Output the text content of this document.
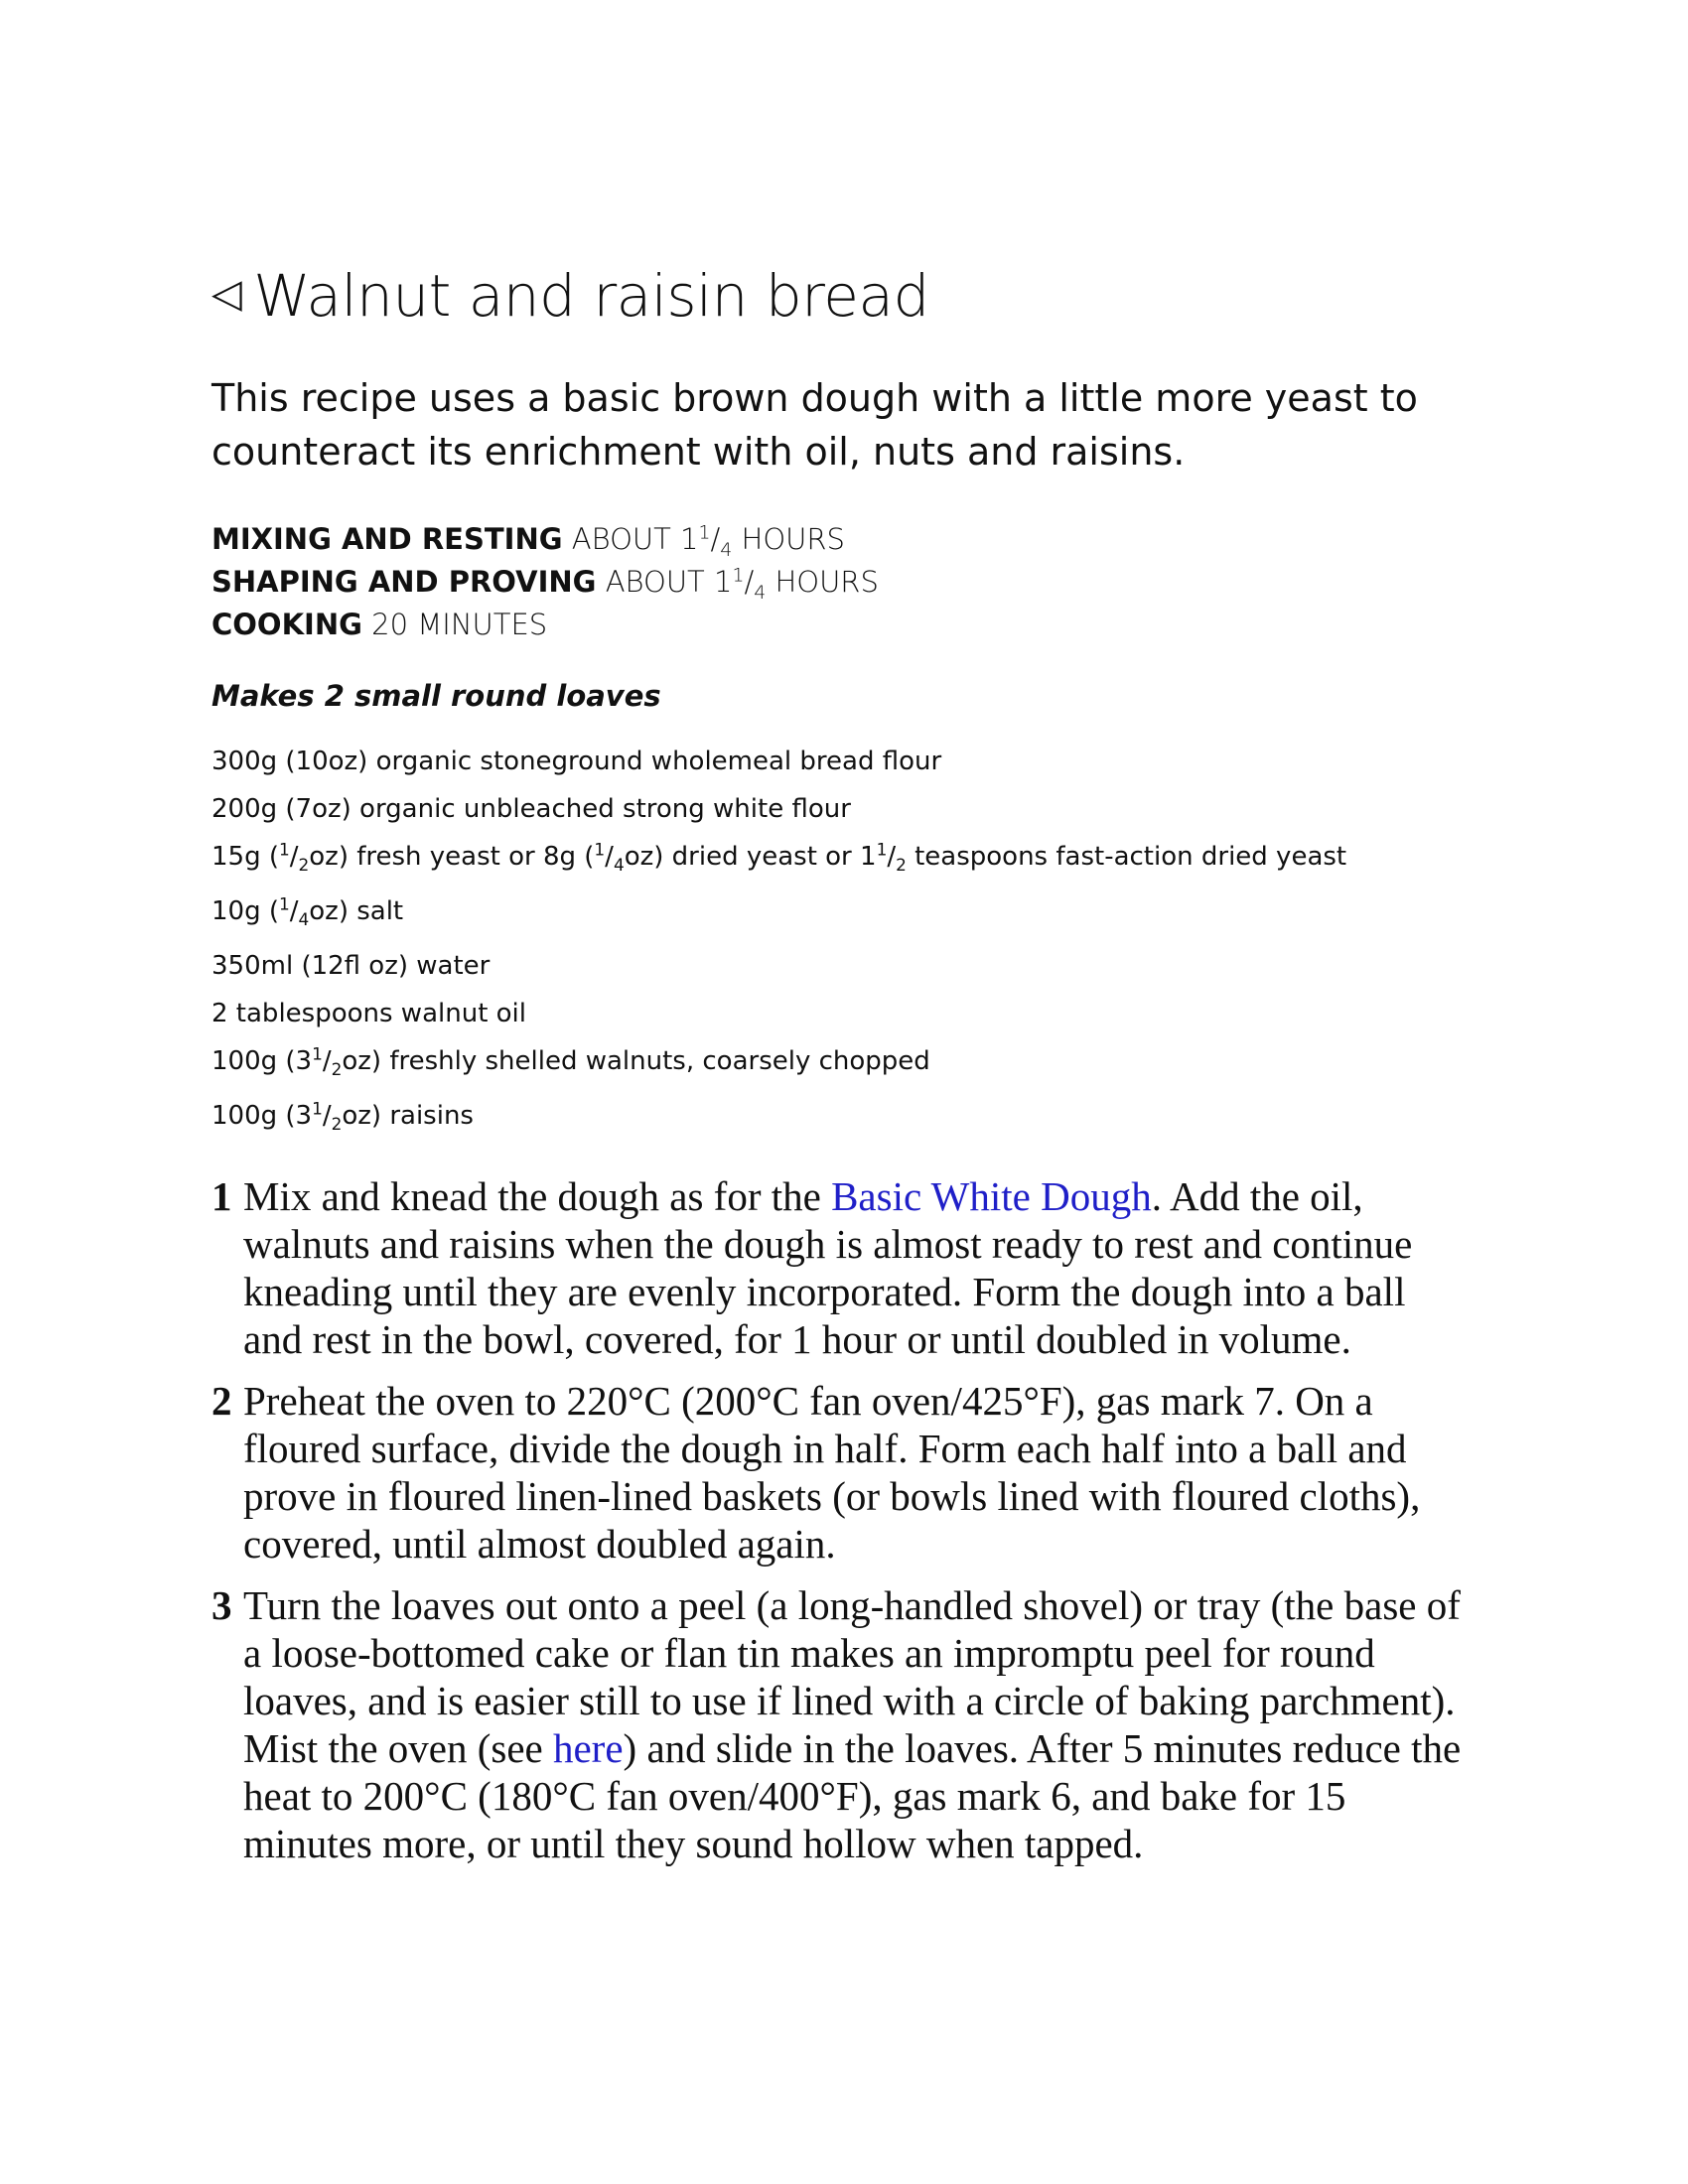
◁ Walnut and raisin bread

This recipe uses a basic brown dough with a little more yeast to counteract its enrichment with oil, nuts and raisins.

MIXING AND RESTING ABOUT $1^1/_4$ HOURS
SHAPING AND PROVING ABOUT $1^1/_4$ HOURS
COOKING 20 MINUTES
Makes 2 small round loaves
300g (10oz) organic stoneground wholemeal bread flour
200g (7oz) organic unbleached strong white flour
15g $(^1/_2oz)$ fresh yeast or 8g $(^1/_4oz)$ dried yeast or $1^1/_2$ teaspoons fast-action dried yeast
10g $(^1/_4oz)$ salt
350ml (12fl oz) water
2 tablespoons walnut oil
100g $(3^1/_2oz)$ freshly shelled walnuts, coarsely chopped
100g $(3^1/_2oz)$ raisins
1 Mix and knead the dough as for the Basic White Dough. Add the oil, walnuts and raisins when the dough is almost ready to rest and continue kneading until they are evenly incorporated. Form the dough into a ball and rest in the bowl, covered, for 1 hour or until doubled in volume.
2 Preheat the oven to 220°C (200°C fan oven/425°F), gas mark 7. On a floured surface, divide the dough in half. Form each half into a ball and prove in floured linen-lined baskets (or bowls lined with floured cloths), covered, until almost doubled again.
3 Turn the loaves out onto a peel (a long-handled shovel) or tray (the base of a loose-bottomed cake or flan tin makes an impromptu peel for round loaves, and is easier still to use if lined with a circle of baking parchment). Mist the oven (see here) and slide in the loaves. After 5 minutes reduce the heat to 200°C (180°C fan oven/400°F), gas mark 6, and bake for 15 minutes more, or until they sound hollow when tapped.
